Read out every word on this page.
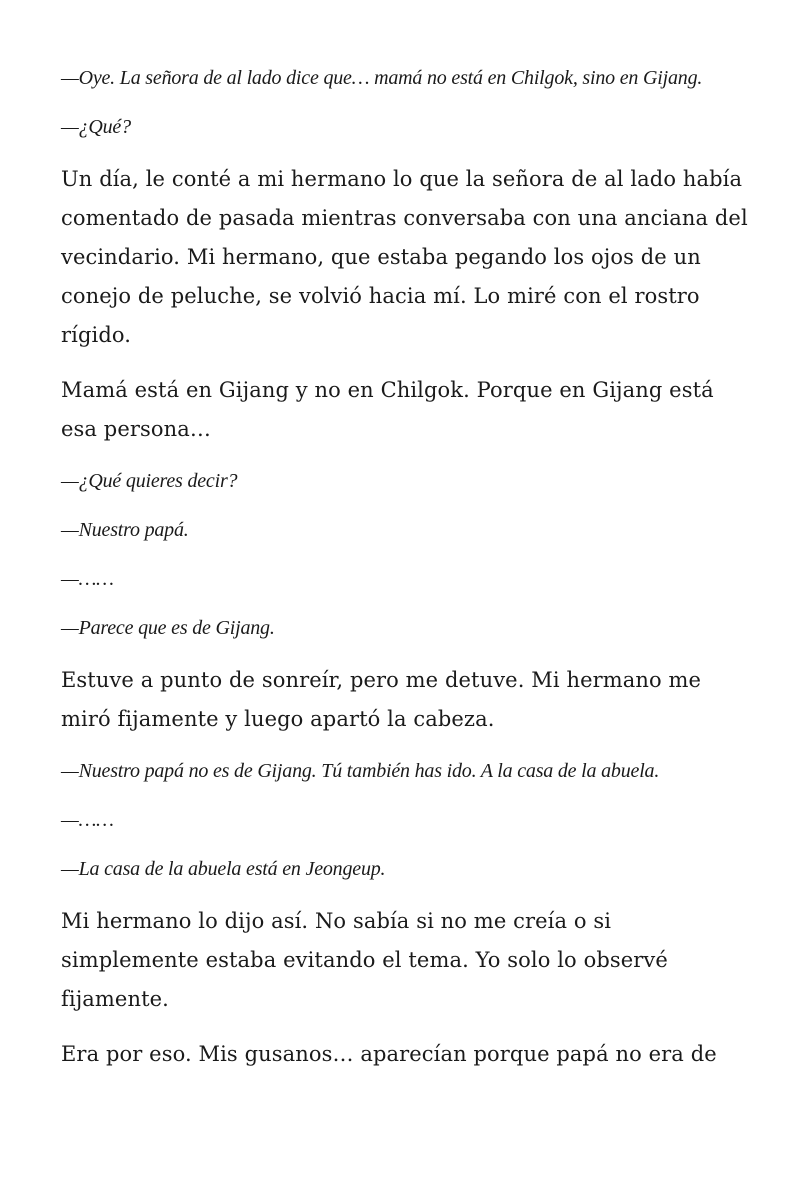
—Oye. La señora de al lado dice que… mamá no está en Chilgok, sino en Gijang.

—¿Qué?

Un día, le conté a mi hermano lo que la señora de al lado había comentado de pasada mientras conversaba con una anciana del vecindario. Mi hermano, que estaba pegando los ojos de un conejo de peluche, se volvió hacia mí. Lo miré con el rostro rígido.

Mamá está en Gijang y no en Chilgok. Porque en Gijang está esa persona…

—¿Qué quieres decir?

—Nuestro papá.

—……

—Parece que es de Gijang.

Estuve a punto de sonreír, pero me detuve. Mi hermano me miró fijamente y luego apartó la cabeza.

—Nuestro papá no es de Gijang. Tú también has ido. A la casa de la abuela.

—……

—La casa de la abuela está en Jeongeup.

Mi hermano lo dijo así. No sabía si no me creía o si simplemente estaba evitando el tema. Yo solo lo observé fijamente.

Era por eso. Mis gusanos… aparecían porque papá no era de
